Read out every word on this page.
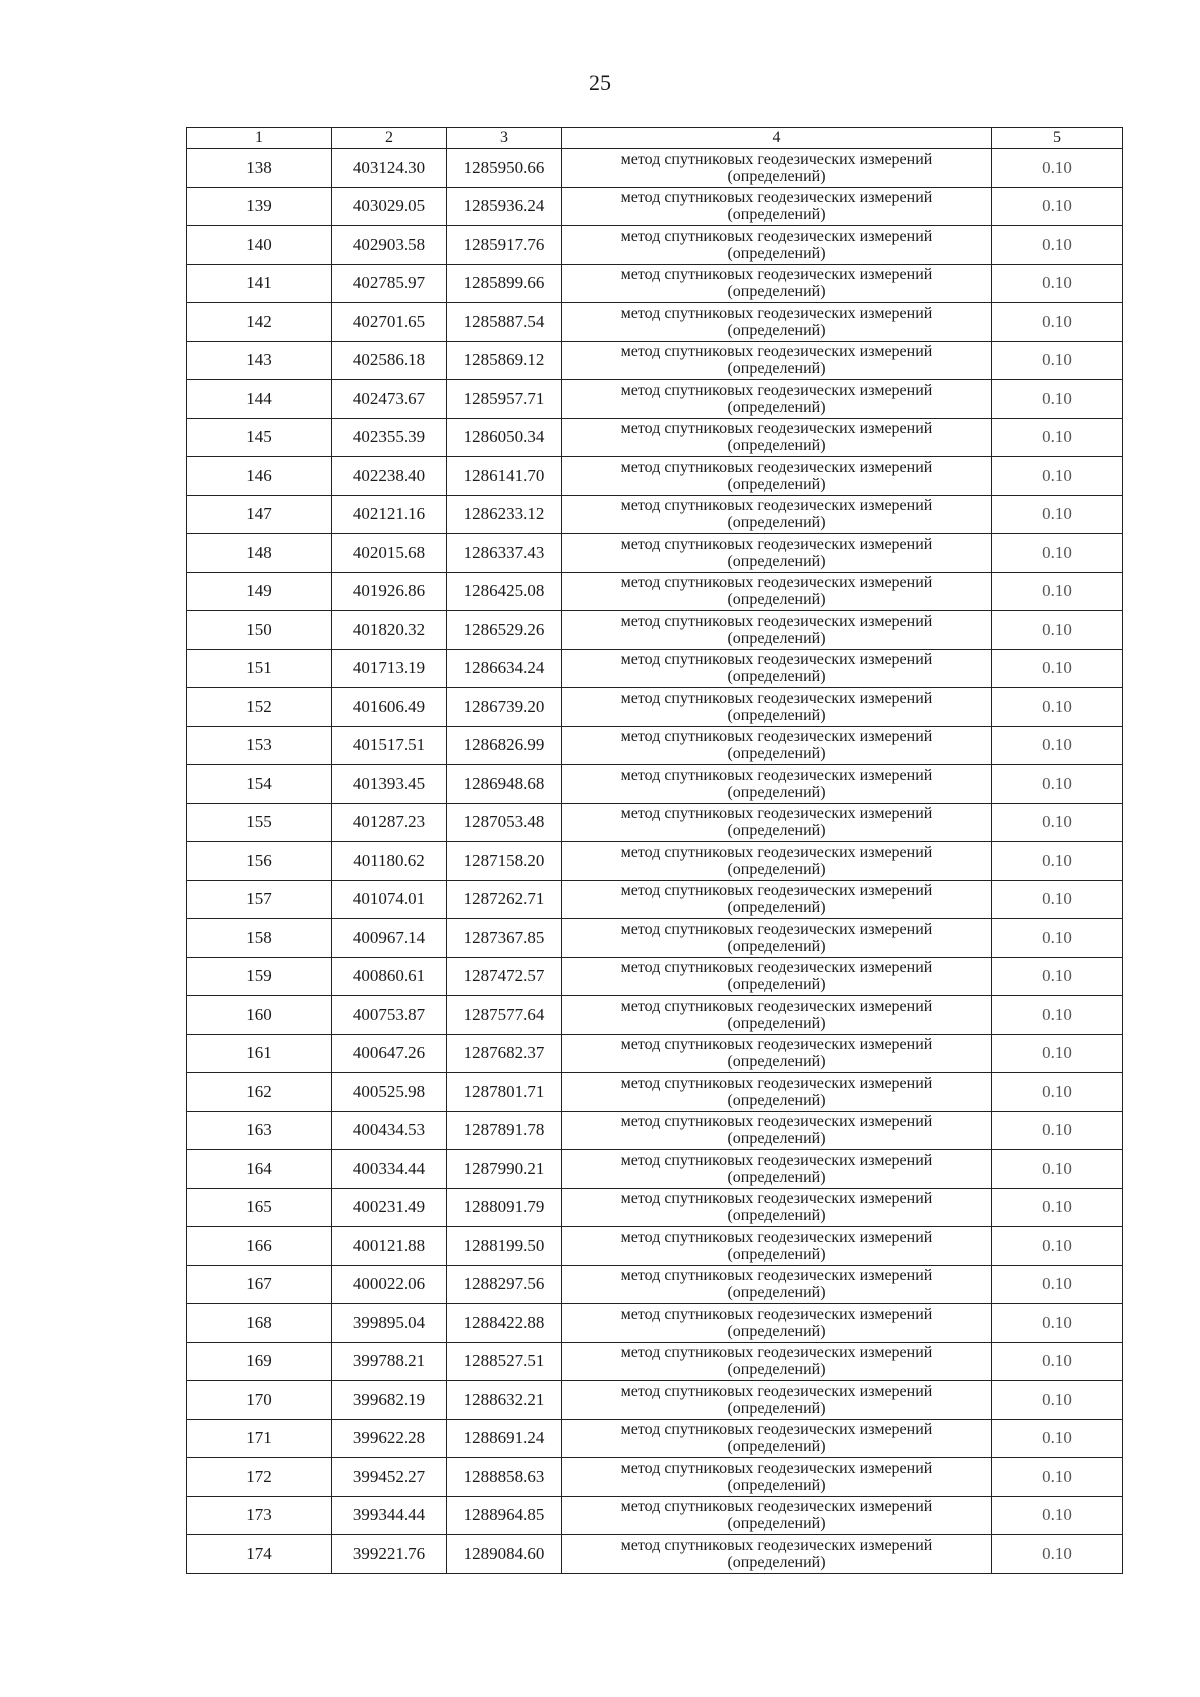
25
1	2	3	4	5
138	403124.30	1285950.66	метод спутниковых геодезических измерений
(определений)	0.10
139	403029.05	1285936.24	метод спутниковых геодезических измерений
(определений)	0.10
140	402903.58	1285917.76	метод спутниковых геодезических измерений
(определений)	0.10
141	402785.97	1285899.66	метод спутниковых геодезических измерений
(определений)	0.10
142	402701.65	1285887.54	метод спутниковых геодезических измерений
(определений)	0.10
143	402586.18	1285869.12	метод спутниковых геодезических измерений
(определений)	0.10
144	402473.67	1285957.71	метод спутниковых геодезических измерений
(определений)	0.10
145	402355.39	1286050.34	метод спутниковых геодезических измерений
(определений)	0.10
146	402238.40	1286141.70	метод спутниковых геодезических измерений
(определений)	0.10
147	402121.16	1286233.12	метод спутниковых геодезических измерений
(определений)	0.10
148	402015.68	1286337.43	метод спутниковых геодезических измерений
(определений)	0.10
149	401926.86	1286425.08	метод спутниковых геодезических измерений
(определений)	0.10
150	401820.32	1286529.26	метод спутниковых геодезических измерений
(определений)	0.10
151	401713.19	1286634.24	метод спутниковых геодезических измерений
(определений)	0.10
152	401606.49	1286739.20	метод спутниковых геодезических измерений
(определений)	0.10
153	401517.51	1286826.99	метод спутниковых геодезических измерений
(определений)	0.10
154	401393.45	1286948.68	метод спутниковых геодезических измерений
(определений)	0.10
155	401287.23	1287053.48	метод спутниковых геодезических измерений
(определений)	0.10
156	401180.62	1287158.20	метод спутниковых геодезических измерений
(определений)	0.10
157	401074.01	1287262.71	метод спутниковых геодезических измерений
(определений)	0.10
158	400967.14	1287367.85	метод спутниковых геодезических измерений
(определений)	0.10
159	400860.61	1287472.57	метод спутниковых геодезических измерений
(определений)	0.10
160	400753.87	1287577.64	метод спутниковых геодезических измерений
(определений)	0.10
161	400647.26	1287682.37	метод спутниковых геодезических измерений
(определений)	0.10
162	400525.98	1287801.71	метод спутниковых геодезических измерений
(определений)	0.10
163	400434.53	1287891.78	метод спутниковых геодезических измерений
(определений)	0.10
164	400334.44	1287990.21	метод спутниковых геодезических измерений
(определений)	0.10
165	400231.49	1288091.79	метод спутниковых геодезических измерений
(определений)	0.10
166	400121.88	1288199.50	метод спутниковых геодезических измерений
(определений)	0.10
167	400022.06	1288297.56	метод спутниковых геодезических измерений
(определений)	0.10
168	399895.04	1288422.88	метод спутниковых геодезических измерений
(определений)	0.10
169	399788.21	1288527.51	метод спутниковых геодезических измерений
(определений)	0.10
170	399682.19	1288632.21	метод спутниковых геодезических измерений
(определений)	0.10
171	399622.28	1288691.24	метод спутниковых геодезических измерений
(определений)	0.10
172	399452.27	1288858.63	метод спутниковых геодезических измерений
(определений)	0.10
173	399344.44	1288964.85	метод спутниковых геодезических измерений
(определений)	0.10
174	399221.76	1289084.60	метод спутниковых геодезических измерений
(определений)	0.10
